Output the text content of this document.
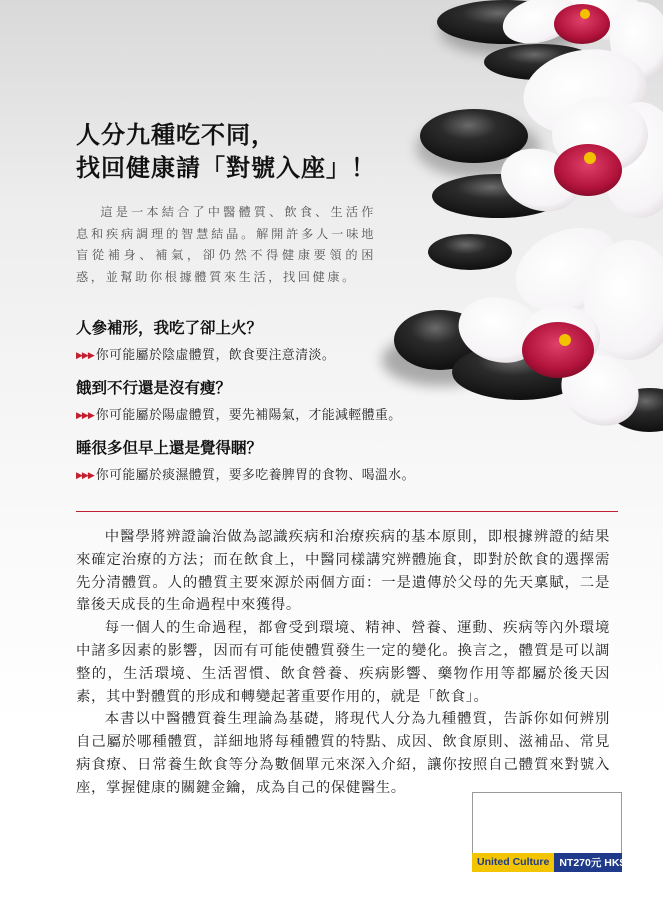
人分九種吃不同，
找回健康請「對號入座」！

這是一本結合了中醫體質、飲食、生活作息和疾病調理的智慧結晶。解開許多人一味地盲從補身、補氣，卻仍然不得健康要領的困惑，並幫助你根據體質來生活，找回健康。

人參補形，我吃了卻上火？

▶▶▶ 你可能屬於陰虛體質，飲食要注意清淡。

餓到不行還是沒有瘦？

▶▶▶ 你可能屬於陽虛體質，要先補陽氣，才能減輕體重。

睡很多但早上還是覺得睏？

▶▶▶ 你可能屬於痰濕體質，要多吃養脾胃的食物、喝溫水。

中醫學將辨證論治做為認識疾病和治療疾病的基本原則，即根據辨證的結果來確定治療的方法；而在飲食上，中醫同樣講究辨體施食，即對於飲食的選擇需先分清體質。人的體質主要來源於兩個方面：一是遺傳於父母的先天稟賦，二是靠後天成長的生命過程中來獲得。

每一個人的生命過程，都會受到環境、精神、營養、運動、疾病等內外環境中諸多因素的影響，因而有可能使體質發生一定的變化。換言之，體質是可以調整的，生活環境、生活習慣、飲食營養、疾病影響、藥物作用等都屬於後天因素，其中對體質的形成和轉變起著重要作用的，就是「飲食」。

本書以中醫體質養生理論為基礎，將現代人分為九種體質，告訴你如何辨別自己屬於哪種體質，詳細地將每種體質的特點、成因、飲食原則、滋補品、常見病食療、日常養生飲食等分為數個單元來深入介紹，讓你按照自己體質來對號入座，掌握健康的關鍵金鑰，成為自己的保健醫生。

United Culture NT270元 HK$84
